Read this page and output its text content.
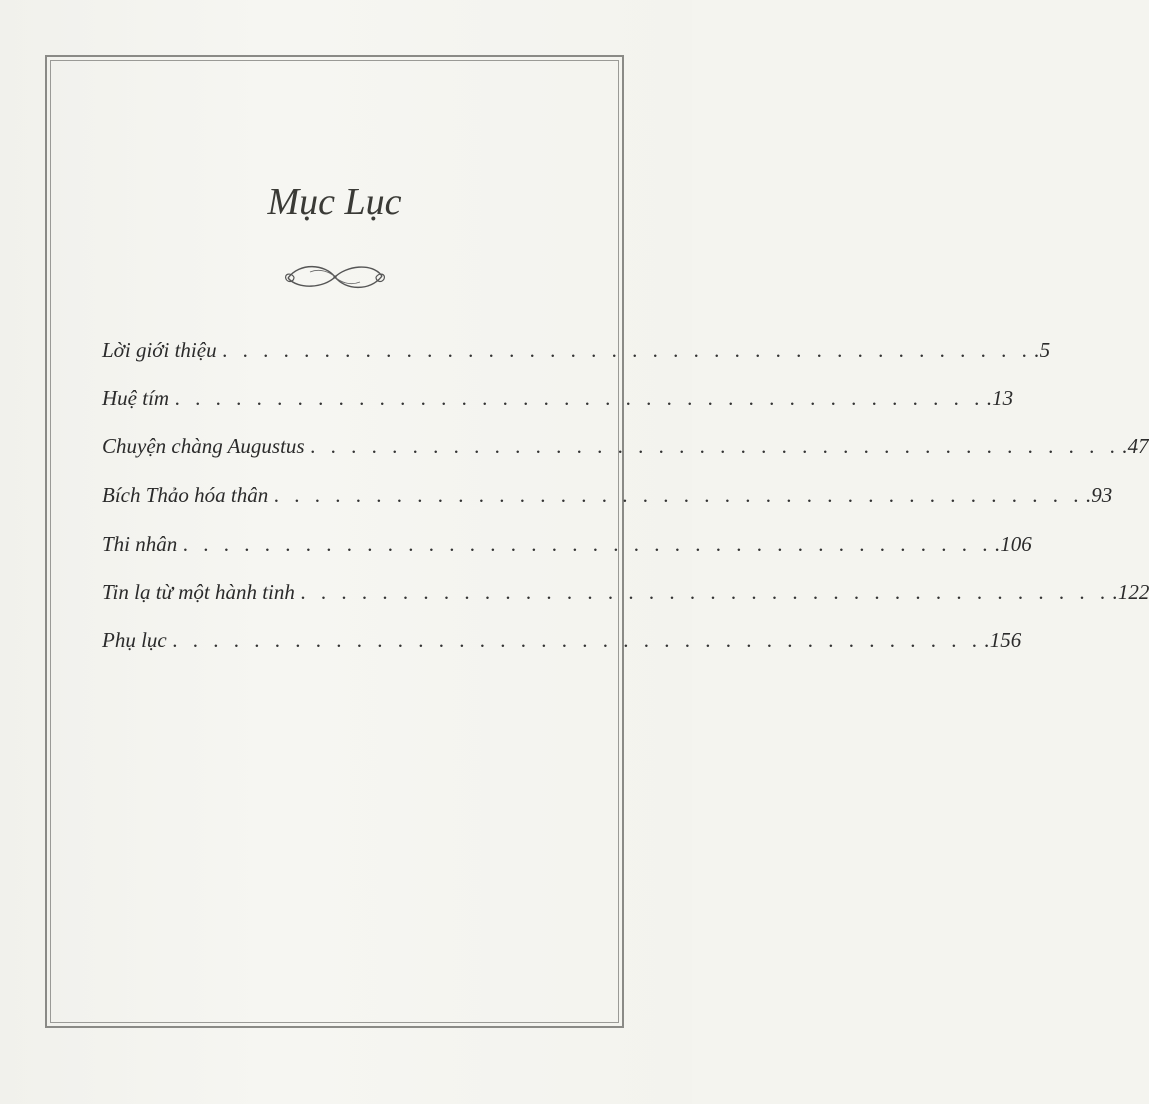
Mục Lục
Lời giới thiệu . . . . . . . . . . . . . . . . . . . . . . . . . . . . . . . . . . . . . . . . .5
Huệ tím . . . . . . . . . . . . . . . . . . . . . . . . . . . . . . . . . . . . . . . . .13
Chuyện chàng Augustus . . . . . . . . . . . . . . . . . . . . . . . . . . . . . . . . . . . . . . . . .47
Bích Thảo hóa thân . . . . . . . . . . . . . . . . . . . . . . . . . . . . . . . . . . . . . . . . .93
Thi nhân . . . . . . . . . . . . . . . . . . . . . . . . . . . . . . . . . . . . . . . . .106
Tin lạ từ một hành tinh . . . . . . . . . . . . . . . . . . . . . . . . . . . . . . . . . . . . . . . . .122
Phụ lục . . . . . . . . . . . . . . . . . . . . . . . . . . . . . . . . . . . . . . . . .156
